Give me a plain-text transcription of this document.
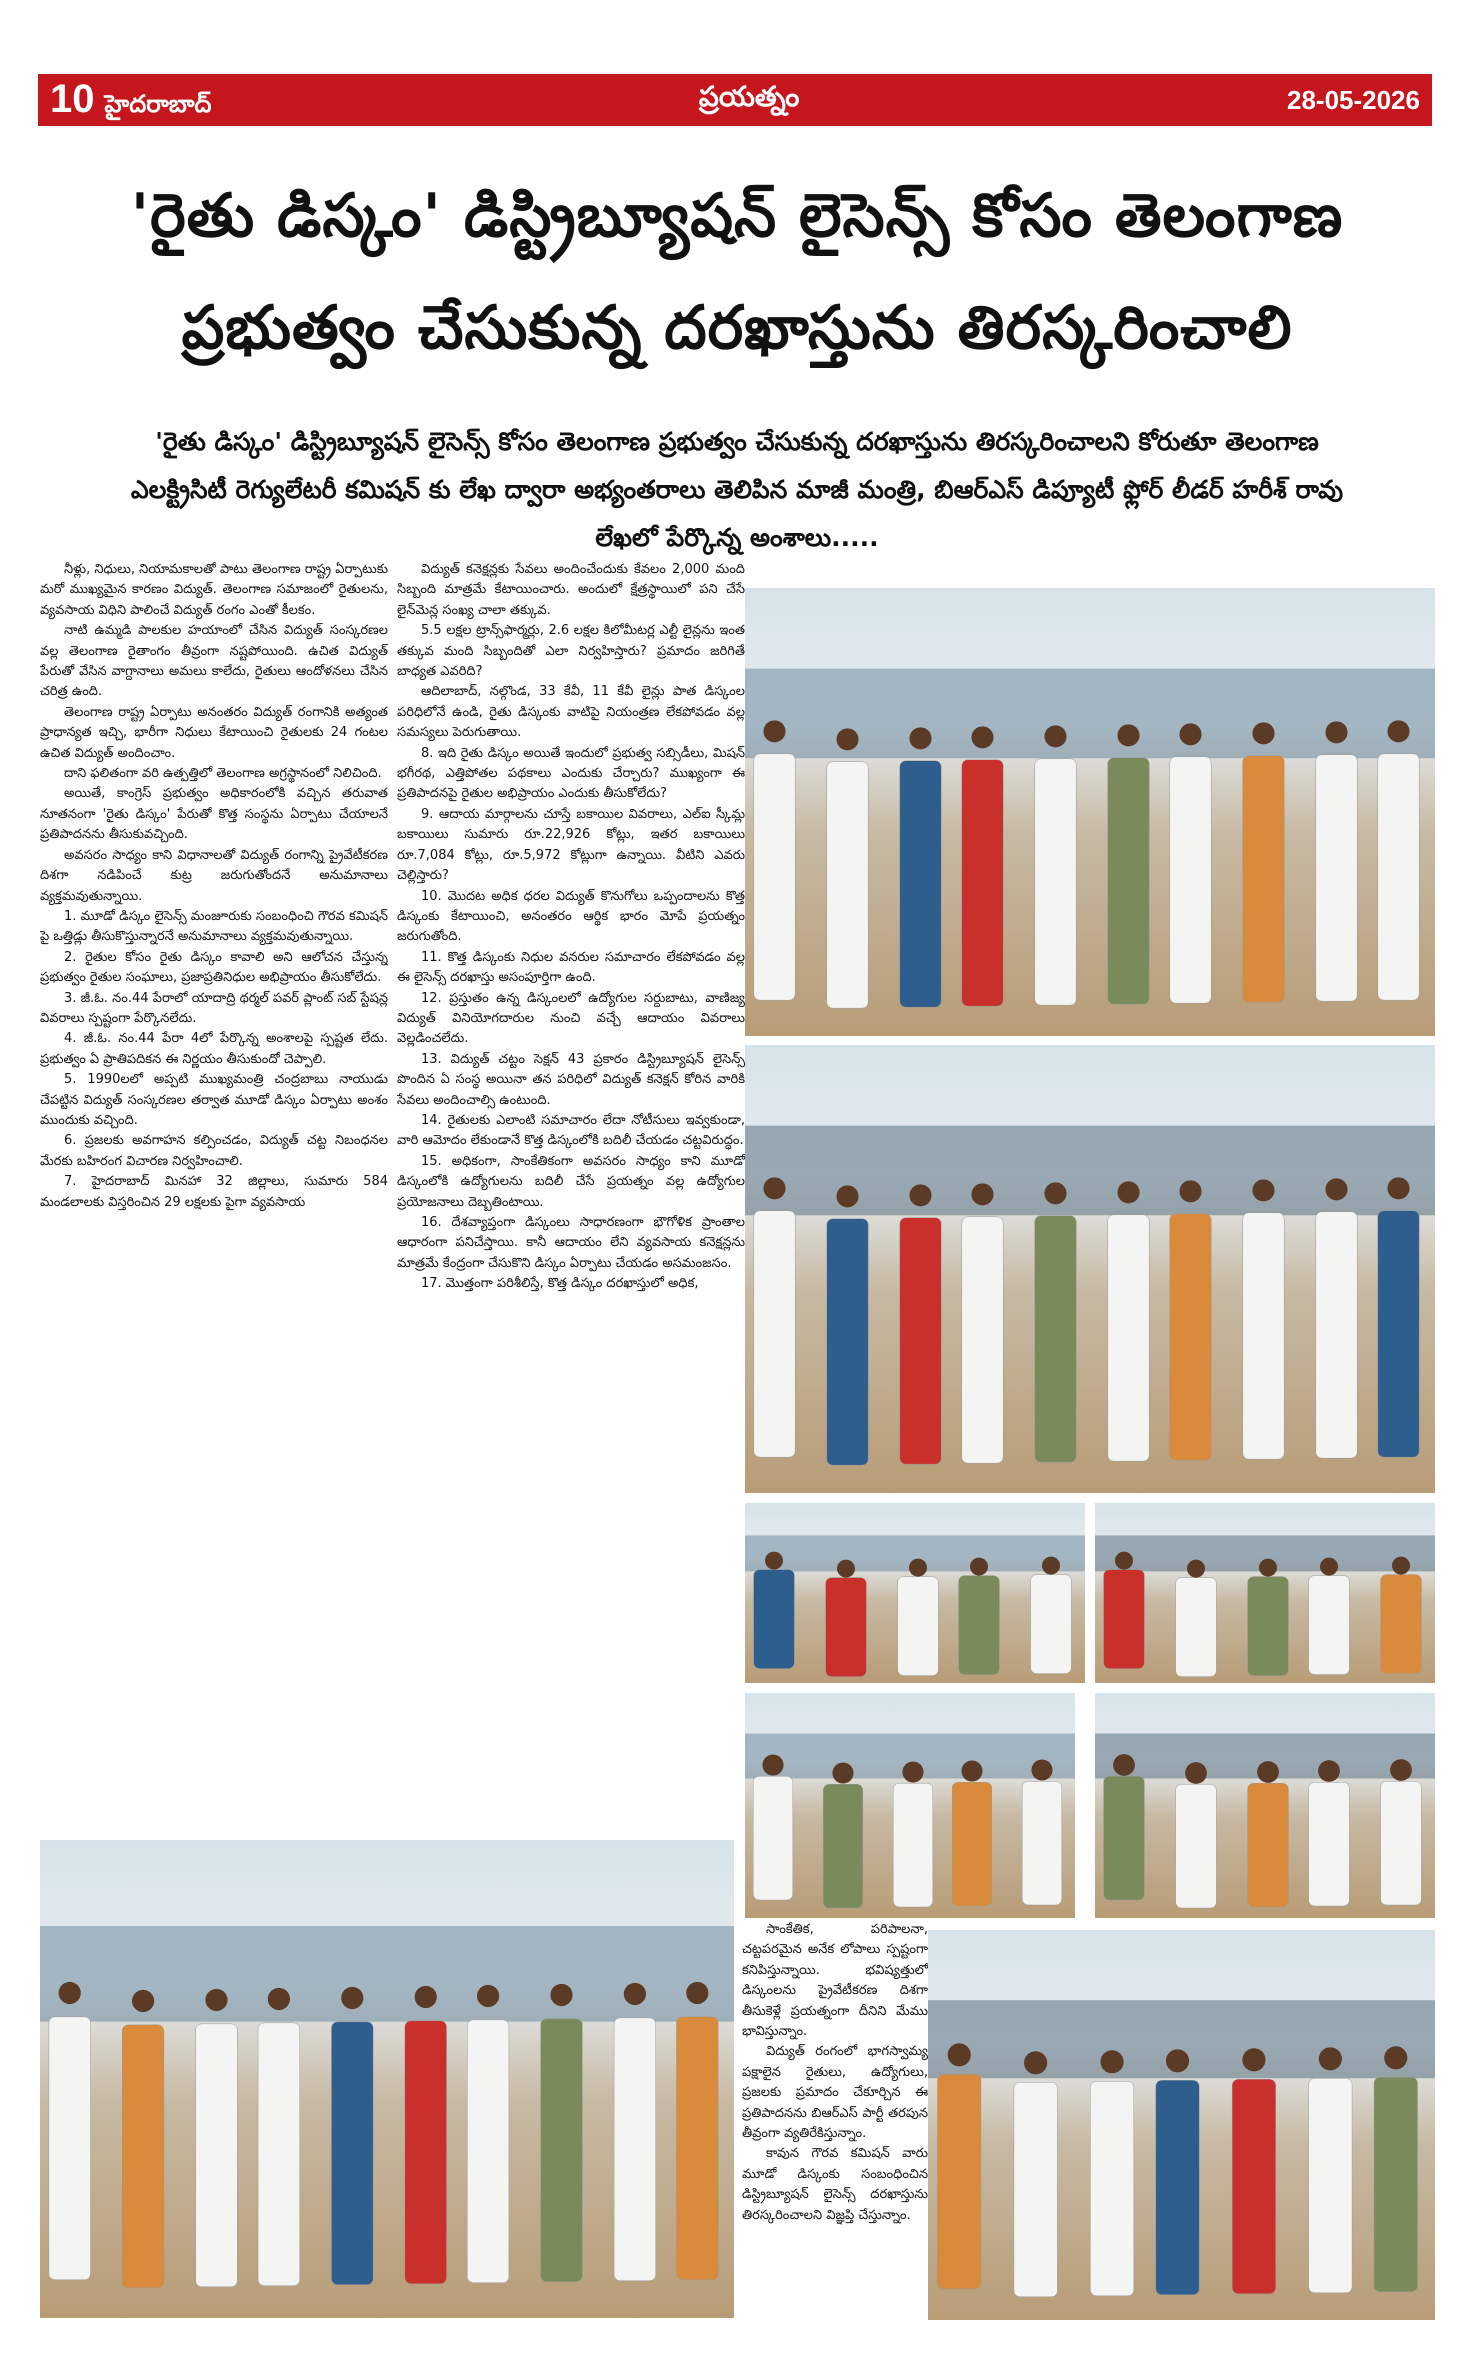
10 హైదరాబాద్	ప్రయత్నం	28-05-2026
'రైతు డిస్కం' డిస్ట్రిబ్యూషన్ లైసెన్స్ కోసం తెలంగాణ
ప్రభుత్వం చేసుకున్న దరఖాస్తును తిరస్కరించాలి
'రైతు డిస్కం' డిస్ట్రిబ్యూషన్ లైసెన్స్ కోసం తెలంగాణ ప్రభుత్వం చేసుకున్న దరఖాస్తును తిరస్కరించాలని కోరుతూ తెలంగాణ
ఎలక్ట్రిసిటీ రెగ్యులేటరీ కమిషన్ కు లేఖ ద్వారా అభ్యంతరాలు తెలిపిన మాజీ మంత్రి, బిఆర్ఎస్ డిప్యూటీ ఫ్లోర్ లీడర్ హరీశ్ రావు
లేఖలో పేర్కొన్న అంశాలు.....

నీళ్లు, నిధులు, నియామకాలతో పాటు తెలంగాణ రాష్ట్ర ఏర్పాటుకు మరో ముఖ్యమైన కారణం విద్యుత్. తెలంగాణ సమాజంలో రైతులను, వ్యవసాయ విధిని పాలించే విద్యుత్ రంగం ఎంతో కీలకం.

నాటి ఉమ్మడి పాలకుల హయాంలో చేసిన విద్యుత్ సంస్కరణల వల్ల తెలంగాణ రైతాంగం తీవ్రంగా నష్టపోయింది. ఉచిత విద్యుత్ పేరుతో వేసిన వాగ్దానాలు అమలు కాలేదు, రైతులు ఆందోళనలు చేసిన చరిత్ర ఉంది.

తెలంగాణ రాష్ట్ర ఏర్పాటు అనంతరం విద్యుత్ రంగానికి అత్యంత ప్రాధాన్యత ఇచ్చి, భారీగా నిధులు కేటాయించి రైతులకు 24 గంటల ఉచిత విద్యుత్ అందించాం.

దాని ఫలితంగా వరి ఉత్పత్తిలో తెలంగాణ అగ్రస్థానంలో నిలిచింది.

అయితే, కాంగ్రెస్ ప్రభుత్వం అధికారంలోకి వచ్చిన తరువాత నూతనంగా 'రైతు డిస్కం' పేరుతో కొత్త సంస్థను ఏర్పాటు చేయాలనే ప్రతిపాదనను తీసుకువచ్చింది.

అవసరం సాధ్యం కాని విధానాలతో విద్యుత్ రంగాన్ని ప్రైవేటీకరణ దిశగా నడిపించే కుట్ర జరుగుతోందనే అనుమానాలు వ్యక్తమవుతున్నాయి.

1. మూడో డిస్కం లైసెన్స్ మంజూరుకు సంబంధించి గౌరవ కమిషన్ పై ఒత్తిడ్లు తీసుకొస్తున్నారనే అనుమానాలు వ్యక్తమవుతున్నాయి.

2. రైతుల కోసం రైతు డిస్కం కావాలి అని ఆలోచన చేస్తున్న ప్రభుత్వం రైతుల సంఘాలు, ప్రజాప్రతినిధుల అభిప్రాయం తీసుకోలేదు.

3. జీ.ఓ. నం.44 పేరాలో యాదాద్రి థర్మల్ పవర్ ప్లాంట్ సబ్ స్టేషన్ల వివరాలు స్పష్టంగా పేర్కొనలేదు.

4. జీ.ఓ. నం.44 పేరా 4లో పేర్కొన్న అంశాలపై స్పష్టత లేదు. ప్రభుత్వం ఏ ప్రాతిపదికన ఈ నిర్ణయం తీసుకుందో చెప్పాలి.

5. 1990లలో అప్పటి ముఖ్యమంత్రి చంద్రబాబు నాయుడు చేపట్టిన విద్యుత్ సంస్కరణల తర్వాత మూడో డిస్కం ఏర్పాటు అంశం ముందుకు వచ్చింది.

6. ప్రజలకు అవగాహన కల్పించడం, విద్యుత్ చట్ట నిబంధనల మేరకు బహిరంగ విచారణ నిర్వహించాలి.

7. హైదరాబాద్ మినహా 32 జిల్లాలు, సుమారు 584 మండలాలకు విస్తరించిన 29 లక్షలకు పైగా వ్యవసాయ

విద్యుత్ కనెక్షన్లకు సేవలు అందించేందుకు కేవలం 2,000 మంది సిబ్బంది మాత్రమే కేటాయించారు. అందులో క్షేత్రస్థాయిలో పని చేసే లైన్‌మెన్ల సంఖ్య చాలా తక్కువ.

5.5 లక్షల ట్రాన్స్‌ఫార్మర్లు, 2.6 లక్షల కిలోమీటర్ల ఎల్టీ లైన్లను ఇంత తక్కువ మంది సిబ్బందితో ఎలా నిర్వహిస్తారు? ప్రమాదం జరిగితే బాధ్యత ఎవరిది?

ఆదిలాబాద్, నల్గొండ, 33 కేవీ, 11 కేవీ లైన్లు పాత డిస్కంల పరిధిలోనే ఉండి, రైతు డిస్కంకు వాటిపై నియంత్రణ లేకపోవడం వల్ల సమస్యలు పెరుగుతాయి.

8. ఇది రైతు డిస్కం అయితే ఇందులో ప్రభుత్వ సబ్సిడీలు, మిషన్ భగీరథ, ఎత్తిపోతల పథకాలు ఎందుకు చేర్చారు? ముఖ్యంగా ఈ ప్రతిపాదనపై రైతుల అభిప్రాయం ఎందుకు తీసుకోలేదు?

9. ఆదాయ మార్గాలను చూస్తే బకాయిల వివరాలు, ఎల్ఐ స్కీమ్ల బకాయిలు సుమారు రూ.22,926 కోట్లు, ఇతర బకాయిలు రూ.7,084 కోట్లు, రూ.5,972 కోట్లుగా ఉన్నాయి. వీటిని ఎవరు చెల్లిస్తారు?

10. మొదట అధిక ధరల విద్యుత్ కొనుగోలు ఒప్పందాలను కొత్త డిస్కంకు కేటాయించి, అనంతరం ఆర్థిక భారం మోపే ప్రయత్నం జరుగుతోంది.

11. కొత్త డిస్కంకు నిధుల వనరుల సమాచారం లేకపోవడం వల్ల ఈ లైసెన్స్ దరఖాస్తు అసంపూర్తిగా ఉంది.

12. ప్రస్తుతం ఉన్న డిస్కంలలో ఉద్యోగుల సర్దుబాటు, వాణిజ్య విద్యుత్ వినియోగదారుల నుంచి వచ్చే ఆదాయం వివరాలు వెల్లడించలేదు.

13. విద్యుత్ చట్టం సెక్షన్ 43 ప్రకారం డిస్ట్రిబ్యూషన్ లైసెన్స్ పొందిన ఏ సంస్థ అయినా తన పరిధిలో విద్యుత్ కనెక్షన్ కోరిన వారికి సేవలు అందించాల్సి ఉంటుంది.

14. రైతులకు ఎలాంటి సమాచారం లేదా నోటీసులు ఇవ్వకుండా, వారి ఆమోదం లేకుండానే కొత్త డిస్కంలోకి బదిలీ చేయడం చట్టవిరుద్ధం.

15. అధికంగా, సాంకేతికంగా అవసరం సాధ్యం కాని మూడో డిస్కంలోకి ఉద్యోగులను బదిలీ చేసే ప్రయత్నం వల్ల ఉద్యోగుల ప్రయోజనాలు దెబ్బతింటాయి.

16. దేశవ్యాప్తంగా డిస్కంలు సాధారణంగా భౌగోళిక ప్రాంతాల ఆధారంగా పనిచేస్తాయి. కానీ ఆదాయం లేని వ్యవసాయ కనెక్షన్లను మాత్రమే కేంద్రంగా చేసుకొని డిస్కం ఏర్పాటు చేయడం అసమంజసం.

17. మొత్తంగా పరిశీలిస్తే, కొత్త డిస్కం దరఖాస్తులో అధిక,

సాంకేతిక, పరిపాలనా, చట్టపరమైన అనేక లోపాలు స్పష్టంగా కనిపిస్తున్నాయి. భవిష్యత్తులో డిస్కంలను ప్రైవేటీకరణ దిశగా తీసుకెళ్లే ప్రయత్నంగా దీనిని మేము భావిస్తున్నాం.

విద్యుత్ రంగంలో భాగస్వామ్య పక్షాలైన రైతులు, ఉద్యోగులు, ప్రజలకు ప్రమాదం చేకూర్చిన ఈ ప్రతిపాదనను బిఆర్ఎస్ పార్టీ తరపున తీవ్రంగా వ్యతిరేకిస్తున్నాం.

కావున గౌరవ కమిషన్ వారు మూడో డిస్కంకు సంబంధించిన డిస్ట్రిబ్యూషన్ లైసెన్స్ దరఖాస్తును తిరస్కరించాలని విజ్ఞప్తి చేస్తున్నాం.
